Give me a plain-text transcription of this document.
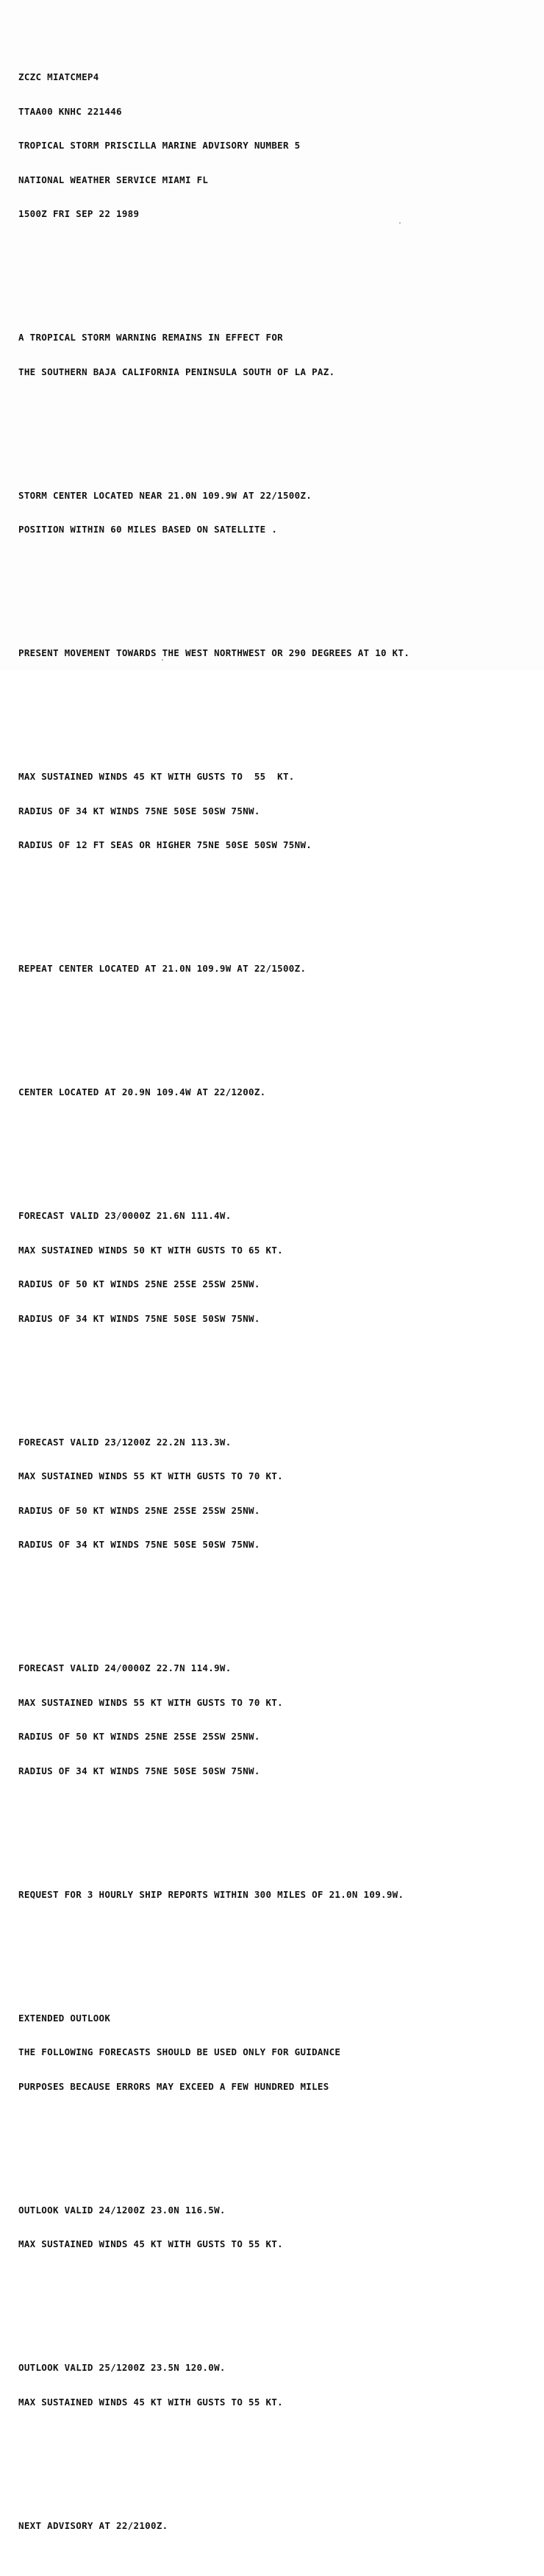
ZCZC MIATCMEP4

TTAA00 KNHC 221446

TROPICAL STORM PRISCILLA MARINE ADVISORY NUMBER 5

NATIONAL WEATHER SERVICE MIAMI FL

1500Z FRI SEP 22 1989

A TROPICAL STORM WARNING REMAINS IN EFFECT FOR

THE SOUTHERN BAJA CALIFORNIA PENINSULA SOUTH OF LA PAZ.

STORM CENTER LOCATED NEAR 21.0N 109.9W AT 22/1500Z.

POSITION WITHIN 60 MILES BASED ON SATELLITE .

PRESENT MOVEMENT TOWARDS THE WEST NORTHWEST OR 290 DEGREES AT 10 KT.

MAX SUSTAINED WINDS 45 KT WITH GUSTS TO  55  KT.

RADIUS OF 34 KT WINDS 75NE 50SE 50SW 75NW.

RADIUS OF 12 FT SEAS OR HIGHER 75NE 50SE 50SW 75NW.

REPEAT CENTER LOCATED AT 21.0N 109.9W AT 22/1500Z.

CENTER LOCATED AT 20.9N 109.4W AT 22/1200Z.

FORECAST VALID 23/0000Z 21.6N 111.4W.

MAX SUSTAINED WINDS 50 KT WITH GUSTS TO 65 KT.

RADIUS OF 50 KT WINDS 25NE 25SE 25SW 25NW.

RADIUS OF 34 KT WINDS 75NE 50SE 50SW 75NW.

FORECAST VALID 23/1200Z 22.2N 113.3W.

MAX SUSTAINED WINDS 55 KT WITH GUSTS TO 70 KT.

RADIUS OF 50 KT WINDS 25NE 25SE 25SW 25NW.

RADIUS OF 34 KT WINDS 75NE 50SE 50SW 75NW.

FORECAST VALID 24/0000Z 22.7N 114.9W.

MAX SUSTAINED WINDS 55 KT WITH GUSTS TO 70 KT.

RADIUS OF 50 KT WINDS 25NE 25SE 25SW 25NW.

RADIUS OF 34 KT WINDS 75NE 50SE 50SW 75NW.

REQUEST FOR 3 HOURLY SHIP REPORTS WITHIN 300 MILES OF 21.0N 109.9W.

EXTENDED OUTLOOK

THE FOLLOWING FORECASTS SHOULD BE USED ONLY FOR GUIDANCE

PURPOSES BECAUSE ERRORS MAY EXCEED A FEW HUNDRED MILES

OUTLOOK VALID 24/1200Z 23.0N 116.5W.

MAX SUSTAINED WINDS 45 KT WITH GUSTS TO 55 KT.

OUTLOOK VALID 25/1200Z 23.5N 120.0W.

MAX SUSTAINED WINDS 45 KT WITH GUSTS TO 55 KT.

NEXT ADVISORY AT 22/2100Z.
